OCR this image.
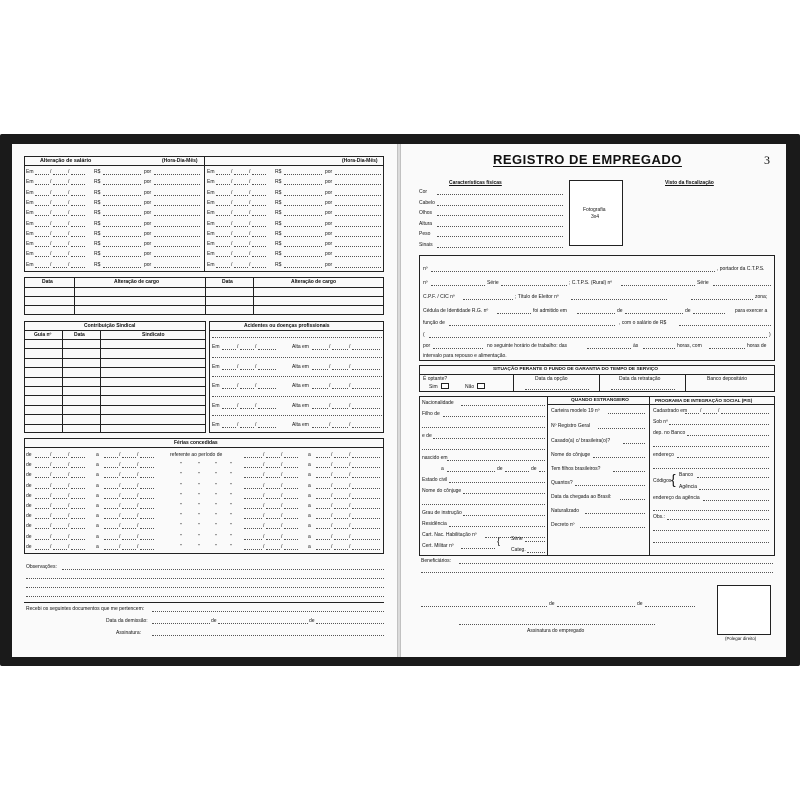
Alteração de salário	(Hora-Dia-Mês)	(Hora-Dia-Mês)
Em	/	/	R$	por	Em	/	/	R$	por
Em	/	/	R$	por	Em	/	/	R$	por
Em	/	/	R$	por	Em	/	/	R$	por
Em	/	/	R$	por	Em	/	/	R$	por
Em	/	/	R$	por	Em	/	/	R$	por
Em	/	/	R$	por	Em	/	/	R$	por
Em	/	/	R$	por	Em	/	/	R$	por
Em	/	/	R$	por	Em	/	/	R$	por
Em	/	/	R$	por	Em	/	/	R$	por
Em	/	/	R$	por	Em	/	/	R$	por
Data	Alteração de cargo	Data	Alteração de cargo
Contribuição Sindical
Guia nº	Data	Sindicato
Acidentes ou doenças profissionais
Em	/	/	Alta em	/	/
Em	/	/	Alta em	/	/
Em	/	/	Alta em	/	/
Em	/	/	Alta em	/	/
Em	/	/	Alta em	/	/
Férias concedidas
de	/	/	a	/	/	referente ao período de	/	/	a	/	/
de	/	/	a	/	/	"	"	"	"	/	/	a	/	/
de	/	/	a	/	/	"	"	"	"	/	/	a	/	/
de	/	/	a	/	/	"	"	"	"	/	/	a	/	/
de	/	/	a	/	/	"	"	"	"	/	/	a	/	/
de	/	/	a	/	/	"	"	"	"	/	/	a	/	/
de	/	/	a	/	/	"	"	"	"	/	/	a	/	/
de	/	/	a	/	/	"	"	"	"	/	/	a	/	/
de	/	/	a	/	/	"	"	"	"	/	/	a	/	/
de	/	/	a	/	/	"	"	"	"	/	/	a	/	/
Observações:
Recebi os seguintes documentos que me pertencem:
Data da demissão:	de	de
Assinatura:
REGISTRO DE EMPREGADO	3
Características físicas
Cor
Cabelo
Olhos
Altura
Peso
Sinais
Fotografia
3x4
Visto da fiscalização
nº	, portador da C.T.P.S.
nº	Série	; C.T.P.S. (Rural) nº	Série
C.P.F. / CIC nº	; Título de Eleitor nº	zona;
Cédula de Identidade R.G. nº	foi admitido em	de	de	para exercer a
função de	, com o salário de R$
(	)
por	no seguinte horário de trabalho: das	às	horas, com	horas de
intervalo para repouso e alimentação.
SITUAÇÃO PERANTE O FUNDO DE GARANTIA DO TEMPO DE SERVIÇO
É optante?
Sim	Não
Data da opção	Data da retratação	Banco depositário
QUANDO ESTRANGEIRO	PROGRAMA DE INTEGRAÇÃO SOCIAL (PIS)
Nacionalidade
Filho de
e de
nascido em
a	de	de
Estado civil
Nome do cônjuge
Grau de instrução
Residência
Cart. Nac. Habilitação nº
Cert. Militar nº	{ Série
Categ.
Carteira modelo 19 nº
Nº Registro Geral
Casado(a) c/ brasileira(o)?
Nome do cônjuge
Tem filhos brasileiros?
Quantos?
Data da chegada ao Brasil:
Naturalizado
Decreto nº
Cadastrado em	/	/
Sob nº
dep. no Banco
endereço
{
Códigos
Banco
Agência
endereço da agência
Obs.:
Beneficiários:
de	de
Assinatura do empregado
(Polegar direito)
